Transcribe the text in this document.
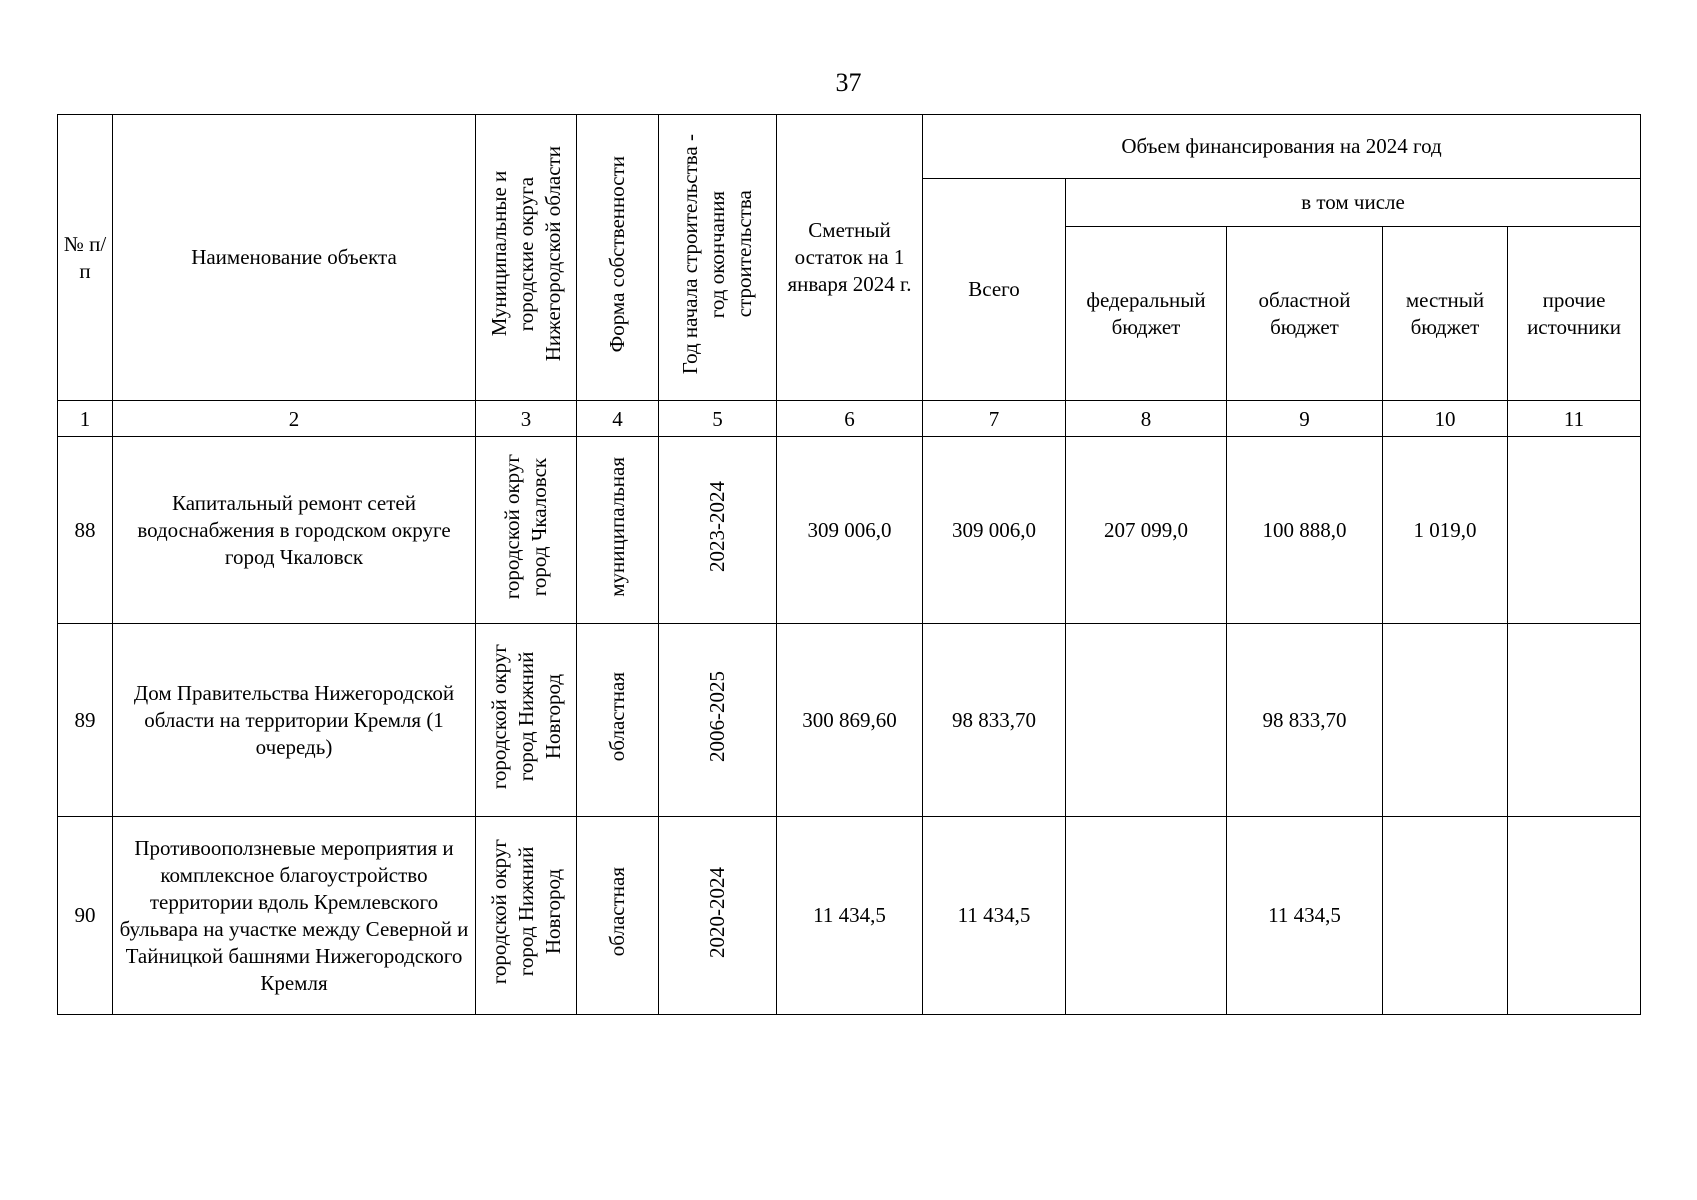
37
№ п/п	Наименование объекта	Муниципальные и городские округа Нижегородской области	Форма собственности	Год начала строительства - год окончания строительства	Сметный остаток на 1 января 2024 г.	Объем финансирования на 2024 год				
						Всего	в том числе			
							федеральный бюджет	областной бюджет	местный бюджет	прочие источники
1	2	3	4	5	6	7	8	9	10	11
88	Капитальный ремонт сетей водоснабжения в городском округе город Чкаловск	городской округ город Чкаловск	муниципальная	2023-2024	309 006,0	309 006,0	207 099,0	100 888,0	1 019,0	
89	Дом Правительства Нижегородской области на территории Кремля (1 очередь)	городской округ город Нижний Новгород	областная	2006-2025	300 869,60	98 833,70		98 833,70		
90	Противооползневые мероприятия и комплексное благоустройство территории вдоль Кремлевского бульвара на участке между Северной и Тайницкой башнями Нижегородского Кремля	городской округ город Нижний Новгород	областная	2020-2024	11 434,5	11 434,5		11 434,5		
